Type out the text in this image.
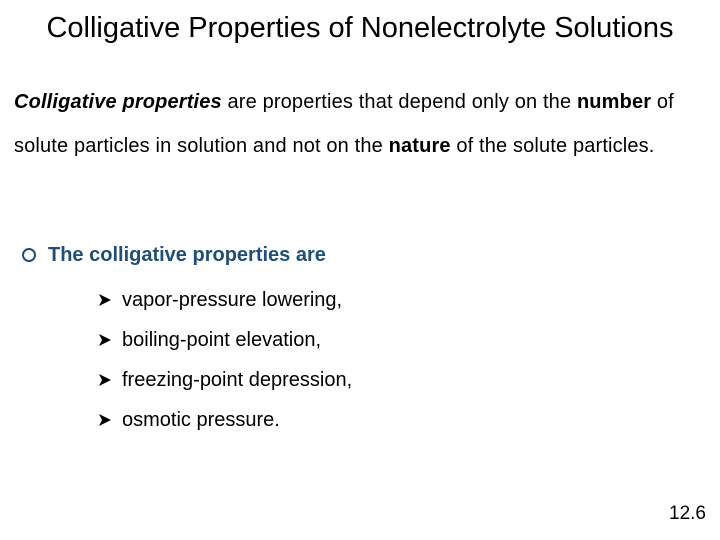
Colligative Properties of Nonelectrolyte Solutions
Colligative properties are properties that depend only on the number of solute particles in solution and not on the nature of the solute particles.
The colligative properties are
vapor-pressure lowering,
boiling-point elevation,
freezing-point depression,
osmotic pressure.
12.6
